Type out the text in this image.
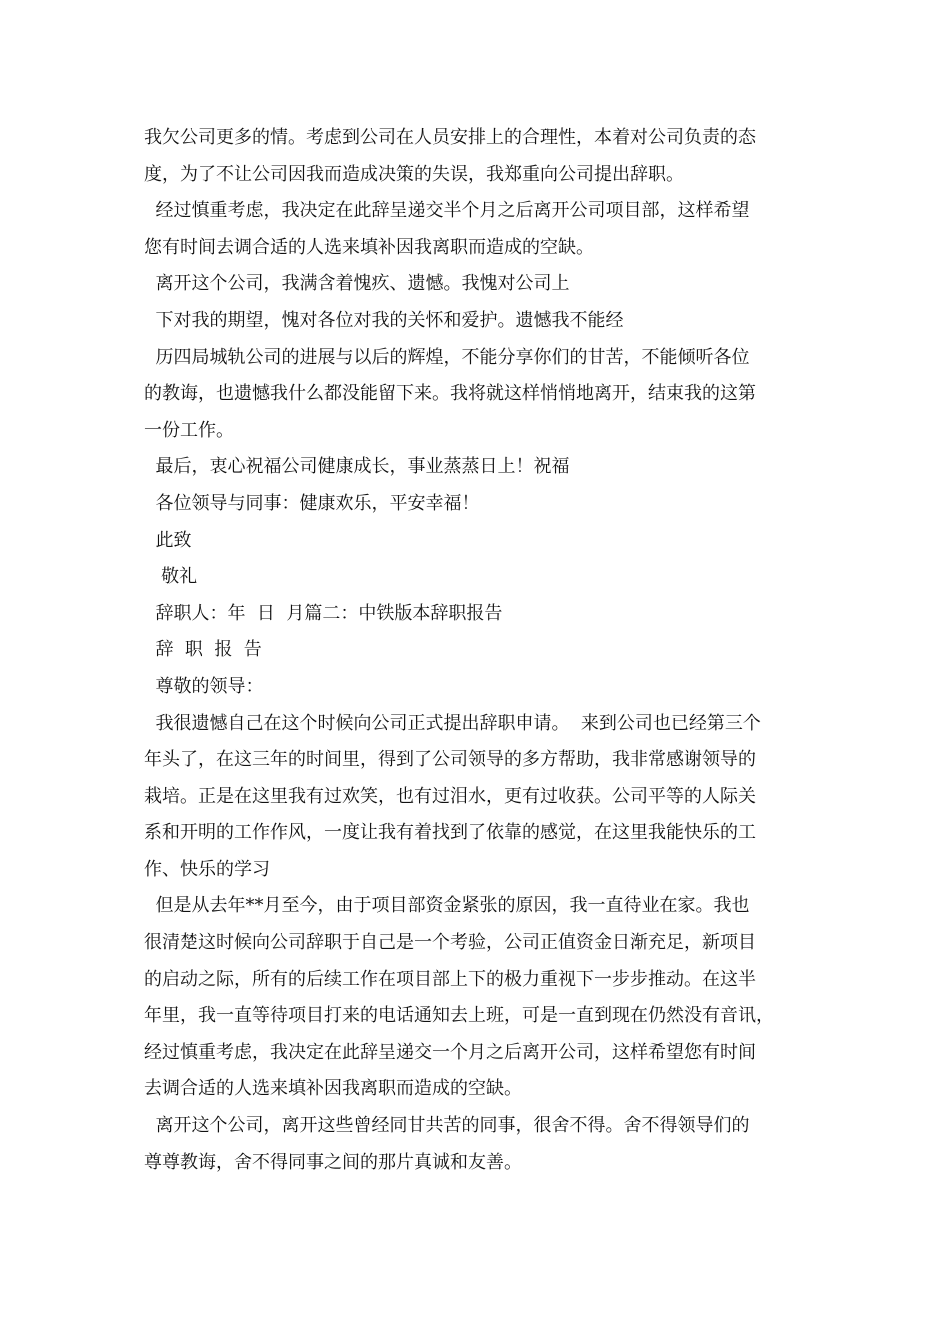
我欠公司更多的情。考虑到公司在人员安排上的合理性，本着对公司负责的态
度，为了不让公司因我而造成决策的失误，我郑重向公司提出辞职。
经过慎重考虑，我决定在此辞呈递交半个月之后离开公司项目部，这样希望
您有时间去调合适的人选来填补因我离职而造成的空缺。
离开这个公司，我满含着愧疚、遗憾。我愧对公司上
下对我的期望，愧对各位对我的关怀和爱护。遗憾我不能经
历四局城轨公司的进展与以后的辉煌，不能分享你们的甘苦，不能倾听各位
的教诲，也遗憾我什么都没能留下来。我将就这样悄悄地离开，结束我的这第
一份工作。
最后，衷心祝福公司健康成长，事业蒸蒸日上！祝福
各位领导与同事：健康欢乐，平安幸福！
此致
敬礼
辞职人：年  日  月篇二：中铁版本辞职报告
辞  职  报  告
尊敬的领导：
我很遗憾自己在这个时候向公司正式提出辞职申请。  来到公司也已经第三个
年头了，在这三年的时间里，得到了公司领导的多方帮助，我非常感谢领导的
栽培。正是在这里我有过欢笑，也有过泪水，更有过收获。公司平等的人际关
系和开明的工作作风，一度让我有着找到了依靠的感觉，在这里我能快乐的工
作、快乐的学习
但是从去年**月至今，由于项目部资金紧张的原因，我一直待业在家。我也
很清楚这时候向公司辞职于自己是一个考验，公司正值资金日渐充足，新项目
的启动之际，所有的后续工作在项目部上下的极力重视下一步步推动。在这半
年里，我一直等待项目打来的电话通知去上班，可是一直到现在仍然没有音讯，
经过慎重考虑，我决定在此辞呈递交一个月之后离开公司，这样希望您有时间
去调合适的人选来填补因我离职而造成的空缺。
离开这个公司，离开这些曾经同甘共苦的同事，很舍不得。舍不得领导们的
尊尊教诲，舍不得同事之间的那片真诚和友善。
